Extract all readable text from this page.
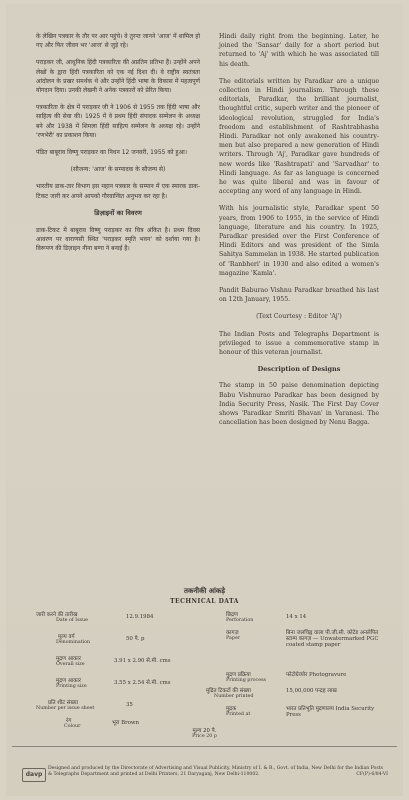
के लेखिन पत्रकार के तौर पर आर पहुंचे। वे तुरन्त जानने 'आज' में शामिल हो गए और फिर जीवन भर 'आज' से जुड़े रहे।

पराड़कर जी, आधुनिक हिंदी पत्रकारिता की अप्रतिम प्रतिभा हैं। उन्होंने अपने लेखों के द्वारा हिंदी पत्रकारिता को एक नई दिशा दी। वे राष्ट्रीय स्वतंत्रता आंदोलन के प्रखर समर्थक थे और उन्होंने हिंदी भाषा के विकास में महत्वपूर्ण योगदान दिया। उनकी लेखनी ने अनेक पत्रकारों को प्रेरित किया।

पत्रकारिता के क्षेत्र में पराड़कर जी ने 1906 से 1955 तक हिंदी भाषा और साहित्य की सेवा की। 1925 में वे प्रथम हिंदी संपादक सम्मेलन के अध्यक्ष बने और 1938 में शिमला हिंदी साहित्य सम्मेलन के अध्यक्ष रहे। उन्होंने 'रणभेरी' का प्रकाशन किया।

पंडित बाबूराव विष्णु पराड़कर का निधन 12 जनवरी, 1955 को हुआ।

(सौजन्य: 'आज' के सम्पादक के सौजन्य से)

भारतीय डाक-तार विभाग इस महान पत्रकार के सम्मान में एक स्मारक डाक-टिकट जारी कर अपने आपको गौरवान्वित अनुभव कर रहा है।

डिज़ाइनों का विवरण

डाक-टिकट में बाबूराव विष्णु पराड़कर का चित्र अंकित है। प्रथम दिवस आवरण पर वाराणसी स्थित 'पराड़कर स्मृति भवन' को दर्शाया गया है। विरूपण की डिज़ाइन नीना बग्गा ने बनाई है।

Hindi daily right from the beginning. Later, he joined the 'Sansar' daily for a short period but returned to 'Aj' with which he was associated till his death.

The editorials written by Paradkar are a unique collection in Hindi journalism. Through these editorials, Paradkar, the brilliant journalist, thoughtful critic, superb writer and the pioneer of ideological revolution, struggled for India's freedom and establishment of Rashtrabhasha Hindi. Paradkar not only awakened his country-men but also prepared a new generation of Hindi writers. Through 'Aj', Paradkar gave hundreds of new words like 'Rashtrapati' and 'Sarvadhar' to Hindi language. As far as language is concerned he was quite liberal and was in favour of accepting any word of any language in Hindi.

With his journalistic style, Paradkar spent 50 years, from 1906 to 1955, in the service of Hindi language, literature and his country. In 1925, Paradkar presided over the First Conference of Hindi Editors and was president of the Simla Sahitya Sammelan in 1938. He started publication of 'Ranbheri' in 1930 and also edited a women's magazine 'Kamla'.

Pandit Baburao Vishnu Paradkar breathed his last on 12th January, 1955.

(Text Courtesy : Editor 'Aj')

The Indian Posts and Telegraphs Department is privileged to issue a commemorative stamp in honour of this veteran journalist.

Description of Designs

The stamp in 50 paise denomination depicting Babu Vishnurao Paradkar has been designed by India Security Press, Nasik. The First Day Cover shows 'Paradkar Smriti Bhavan' in Varanasi. The cancellation has been designed by Nenu Bagga.

तकनीकी आंकड़े
TECHNICAL DATA
जारी करने की तारीख
Date of Issue
12.9.1984
मूल्य वर्ग
Denomination
50 पै. p
मुद्रण आकार
Overall size
3.91 x 2.90 से.मी. cms
मुद्रण आकार
Printing size
3.55 x 2.54 से.मी. cms
प्रति शीट संख्या
Number per issue sheet
35
रंग
Colour
भूरा Brown
छिद्रण
Perforation
14 x 14
कागज़
Paper
बिना जलचिह्न वाला पी.जी.सी. कोटेड अनलेपित स्टाम्प कागज़ — Unwatermarked PGC coated stamp paper
मुद्रण प्रक्रिया
Printing process
फोटोग्रेव्योर Photogravure
मुद्रित टिकटों की संख्या
Number printed
15,00,000 पन्द्रह लाख
मुद्रक
Printed at
भारत प्रतिभूति मुद्रणालय India Security Press
मूल्य 20 पै.
Price 20 p
davp
Designed and produced by the Directorate of Advertising and Visual Publicity, Ministry of I. & B., Govt. of India, New Delhi for the Indian Posts & Telegraphs Department and printed at Delhi Printers, 21 Daryaganj, New Delhi-110002.	CF(P)-6/84-VI
